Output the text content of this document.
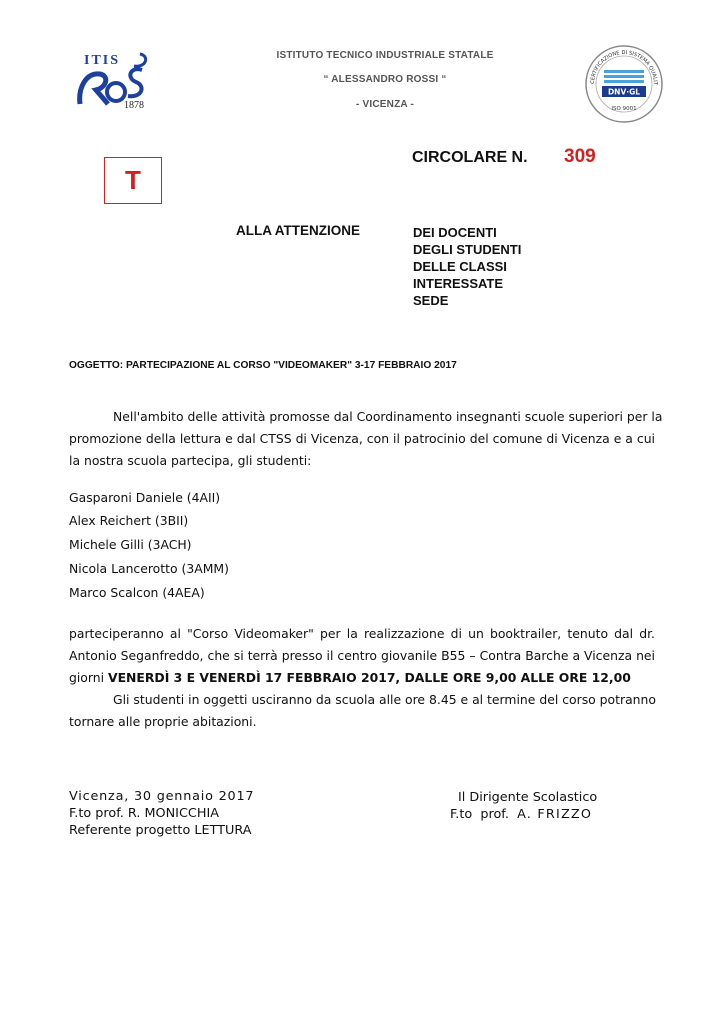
ITIS
1878
ISTITUTO TECNICO INDUSTRIALE STATALE
“ ALESSANDRO ROSSI “
- VICENZA -
CERTIFICAZIONE DI SISTEMA QUALIT
DNV·GL
ISO 9001
T
CIRCOLARE N. 309
ALLA ATTENZIONE	DEI DOCENTI
DEGLI STUDENTI
DELLE CLASSI
INTERESSATE
SEDE
OGGETTO: PARTECIPAZIONE AL CORSO "VIDEOMAKER" 3-17 FEBBRAIO 2017
Nell'ambito delle attività promosse dal Coordinamento insegnanti scuole superiori per la
promozione della lettura e dal CTSS di Vicenza, con il patrocinio del comune di Vicenza e a cui
la nostra scuola partecipa, gli studenti:
Gasparoni Daniele (4AII)
Alex Reichert (3BII)
Michele Gilli (3ACH)
Nicola Lancerotto (3AMM)
Marco Scalcon (4AEA)
parteciperanno al "Corso Videomaker" per la realizzazione di un booktrailer, tenuto dal dr.
Antonio Seganfreddo, che si terrà presso il centro giovanile B55 – Contra Barche a Vicenza nei
giorni VENERDÌ 3 E VENERDÌ 17 FEBBRAIO 2017, DALLE ORE 9,00 ALLE ORE 12,00
Gli studenti in oggetti usciranno da scuola alle ore 8.45 e al termine del corso potranno
tornare alle proprie abitazioni.
Vicenza, 30 gennaio 2017
F.to prof. R. MONICCHIA
Referente progetto LETTURA
Il Dirigente Scolastico
F.to  prof.  A. FRIZZO
